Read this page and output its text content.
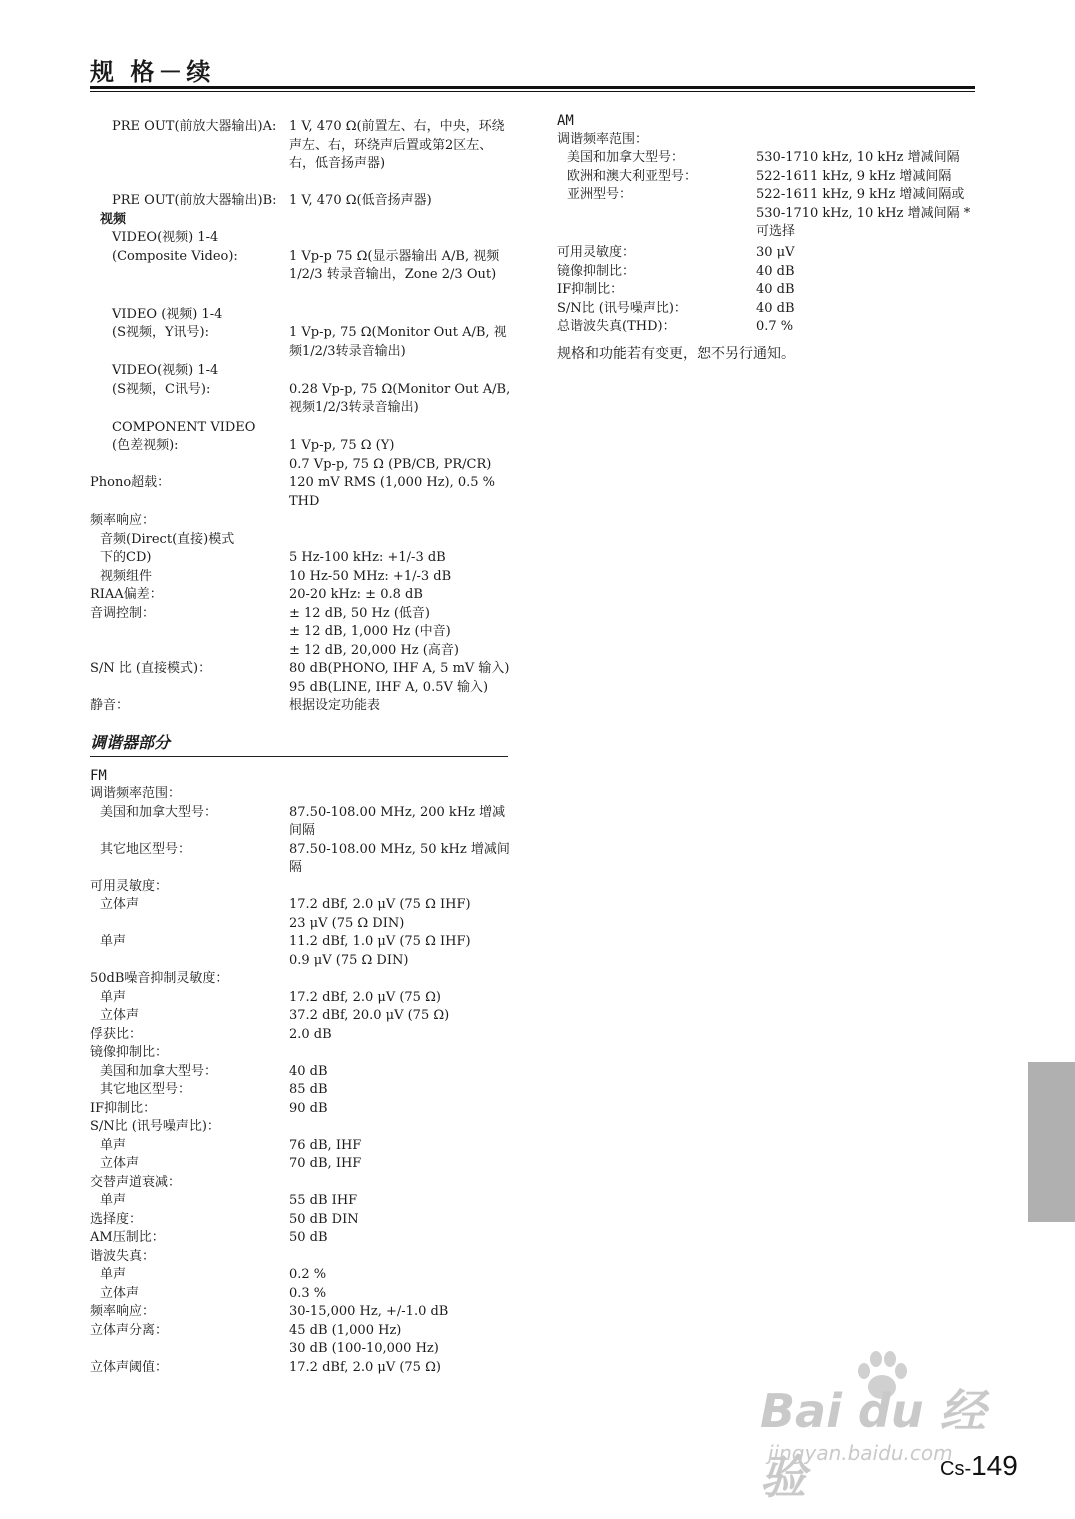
规 格－续
PRE OUT(前放大器输出)A: 1 V, 470 Ω(前置左、右，中央，环绕声左、右，环绕声后置或第2区左、右，低音扬声器)
PRE OUT(前放大器输出)B: 1 V, 470 Ω(低音扬声器)
视频
VIDEO(视频) 1-4
(Composite Video):	1 Vp-p 75 Ω(显示器输出 A/B, 视频1/2/3 转录音输出，Zone 2/3 Out)
VIDEO (视频) 1-4
(S视频，Y讯号):	1 Vp-p, 75 Ω(Monitor Out A/B, 视频1/2/3转录音输出)
VIDEO(视频) 1-4
(S视频，C讯号):	0.28 Vp-p, 75 Ω(Monitor Out A/B, 视频1/2/3转录音输出)
COMPONENT VIDEO
(色差视频):	1 Vp-p, 75 Ω (Y)
0.7 Vp-p, 75 Ω (PB/CB, PR/CR)

Phono超载：	120 mV RMS (1,000 Hz), 0.5 % THD
频率响应：
音频(Direct(直接)模式
下的CD)	5 Hz-100 kHz: +1/-3 dB
视频组件	10 Hz-50 MHz: +1/-3 dB
RIAA偏差：	20-20 kHz: ± 0.8 dB
音调控制：	± 12 dB, 50 Hz (低音)

± 12 dB, 1,000 Hz (中音)

± 12 dB, 20,000 Hz (高音)
S/N 比 (直接模式)：	80 dB(PHONO, IHF A, 5 mV 输入)

95 dB(LINE, IHF A, 0.5V 输入)
静音：	根据设定功能表
调谐器部分
FM
调谐频率范围：
美国和加拿大型号：	87.50-108.00 MHz, 200 kHz 增减间隔
其它地区型号：	87.50-108.00 MHz, 50 kHz 增减间隔
可用灵敏度：
立体声	17.2 dBf, 2.0 μV (75 Ω IHF)

23 μV (75 Ω DIN)
单声	11.2 dBf, 1.0 μV (75 Ω IHF)

0.9 μV (75 Ω DIN)
50dB噪音抑制灵敏度：
单声	17.2 dBf, 2.0 μV (75 Ω)
立体声	37.2 dBf, 20.0 μV (75 Ω)
俘获比：	2.0 dB
镜像抑制比：
美国和加拿大型号：	40 dB
其它地区型号：	85 dB
IF抑制比：	90 dB
S/N比 (讯号噪声比)：
单声	76 dB, IHF
立体声	70 dB, IHF
交替声道衰减：
单声	55 dB IHF
选择度：	50 dB DIN
AM压制比：	50 dB
谐波失真：
单声	0.2 %
立体声	0.3 %
频率响应：	30-15,000 Hz, +/-1.0 dB
立体声分离：	45 dB (1,000 Hz)

30 dB (100-10,000 Hz)
立体声阈值：	17.2 dBf, 2.0 μV (75 Ω)
AM
调谐频率范围：
美国和加拿大型号：	530-1710 kHz, 10 kHz 增减间隔
欧洲和澳大利亚型号：	522-1611 kHz, 9 kHz 增减间隔
亚洲型号：	522-1611 kHz, 9 kHz 增减间隔或 530-1710 kHz, 10 kHz 增减间隔 *可选择
可用灵敏度：	30 μV
镜像抑制比：	40 dB
IF抑制比：	40 dB
S/N比 (讯号噪声比)：	40 dB
总谐波失真(THD)：	0.7 %
规格和功能若有变更，恕不另行通知。
Bai du 经验
jingyan.baidu.com
Cs-149
